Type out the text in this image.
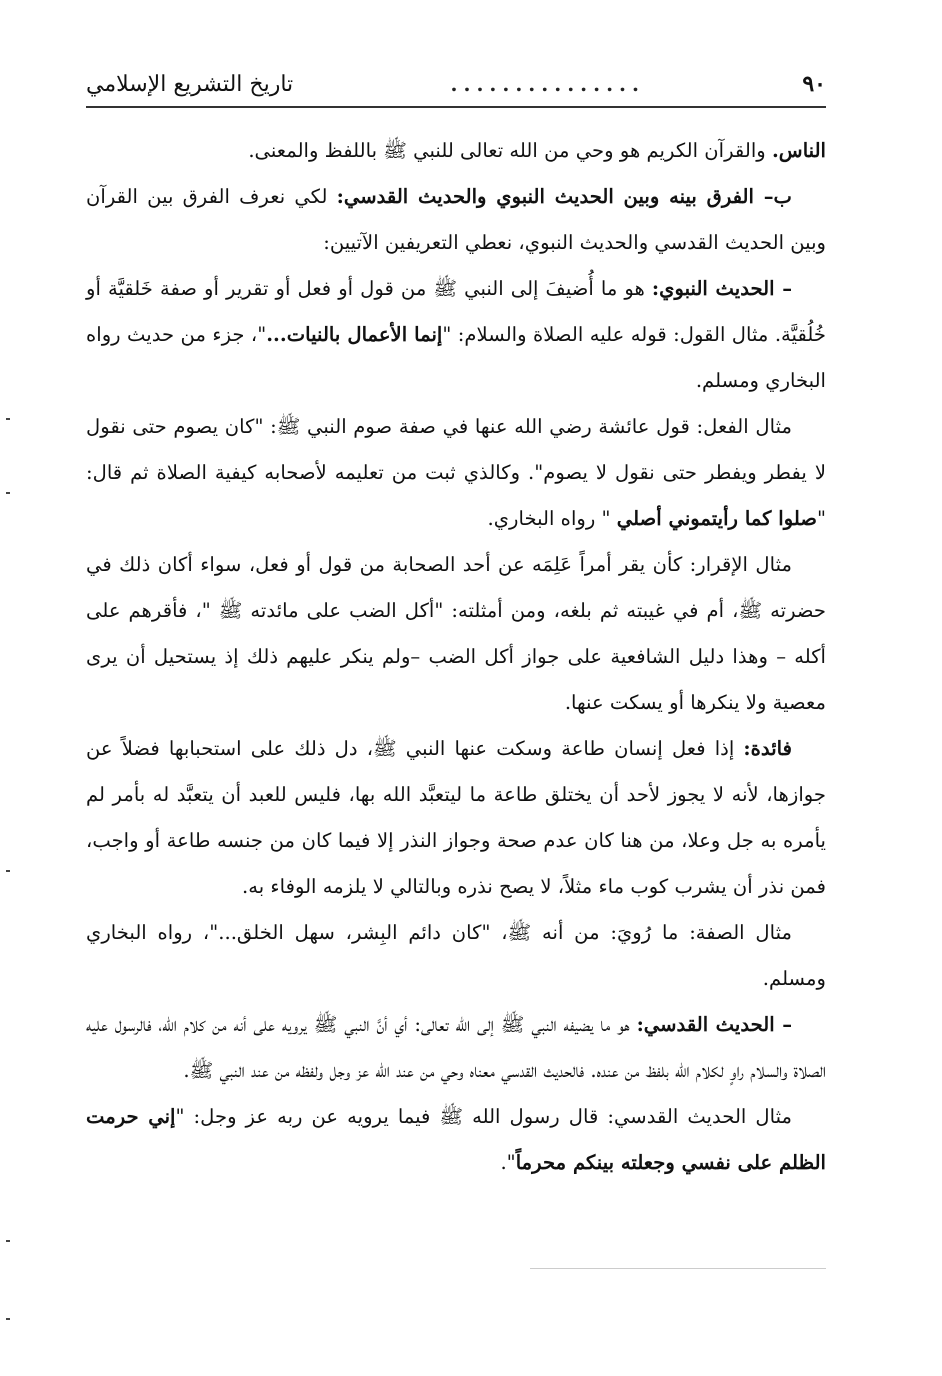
٩٠
...............
تاريخ التشريع الإسلامي

الناس. والقرآن الكريم هو وحي من الله تعالى للنبي ﷺ باللفظ والمعنى.

ب– الفرق بينه وبين الحديث النبوي والحديث القدسي: لكي نعرف الفرق بين القرآن وبين الحديث القدسي والحديث النبوي، نعطي التعريفين الآتيين:

– الحديث النبوي: هو ما أُضيفَ إلى النبي ﷺ من قول أو فعل أو تقرير أو صفة خَلقيَّة أو خُلُقيَّة. مثال القول: قوله عليه الصلاة والسلام: "إنما الأعمال بالنيات..."، جزء من حديث رواه البخاري ومسلم.

مثال الفعل: قول عائشة رضي الله عنها في صفة صوم النبي ﷺ: "كان يصوم حتى نقول لا يفطر ويفطر حتى نقول لا يصوم". وكالذي ثبت من تعليمه لأصحابه كيفية الصلاة ثم قال: "صلوا كما رأيتموني أصلي " رواه البخاري.

مثال الإقرار: كأن يقر أمراً عَلِمَه عن أحد الصحابة من قول أو فعل، سواء أكان ذلك في حضرته ﷺ، أم في غيبته ثم بلغه، ومن أمثلته: "أكل الضب على مائدته ﷺ "، فأقرهم على أكله – وهذا دليل الشافعية على جواز أكل الضب –ولم ينكر عليهم ذلك إذ يستحيل أن يرى معصية ولا ينكرها أو يسكت عنها.

فائدة: إذا فعل إنسان طاعة وسكت عنها النبي ﷺ، دل ذلك على استحبابها فضلاً عن جوازها، لأنه لا يجوز لأحد أن يختلق طاعة ما ليتعبَّد الله بها، فليس للعبد أن يتعبَّد له بأمر لم يأمره به جل وعلا، من هنا كان عدم صحة وجواز النذر إلا فيما كان من جنسه طاعة أو واجب، فمن نذر أن يشرب كوب ماء مثلاً، لا يصح نذره وبالتالي لا يلزمه الوفاء به.

مثال الصفة: ما رُويَ: من أنه ﷺ، "كان دائم البِشر، سهل الخلق..."، رواه البخاري ومسلم.

– الحديث القدسي: هو ما يضيفه النبي ﷺ إلى الله تعالى: أي أنَّ النبي ﷺ يرويه على أنه من كلام الله، فالرسول عليه الصلاة والسلام راوٍ لكلام الله بلفظ من عنده. فالحديث القدسي معناه وحي من عند الله عز وجل ولفظه من عند النبي ﷺ.

مثال الحديث القدسي: قال رسول الله ﷺ فيما يرويه عن ربه عز وجل: "إني حرمت الظلم على نفسي وجعلته بينكم محرماً".
